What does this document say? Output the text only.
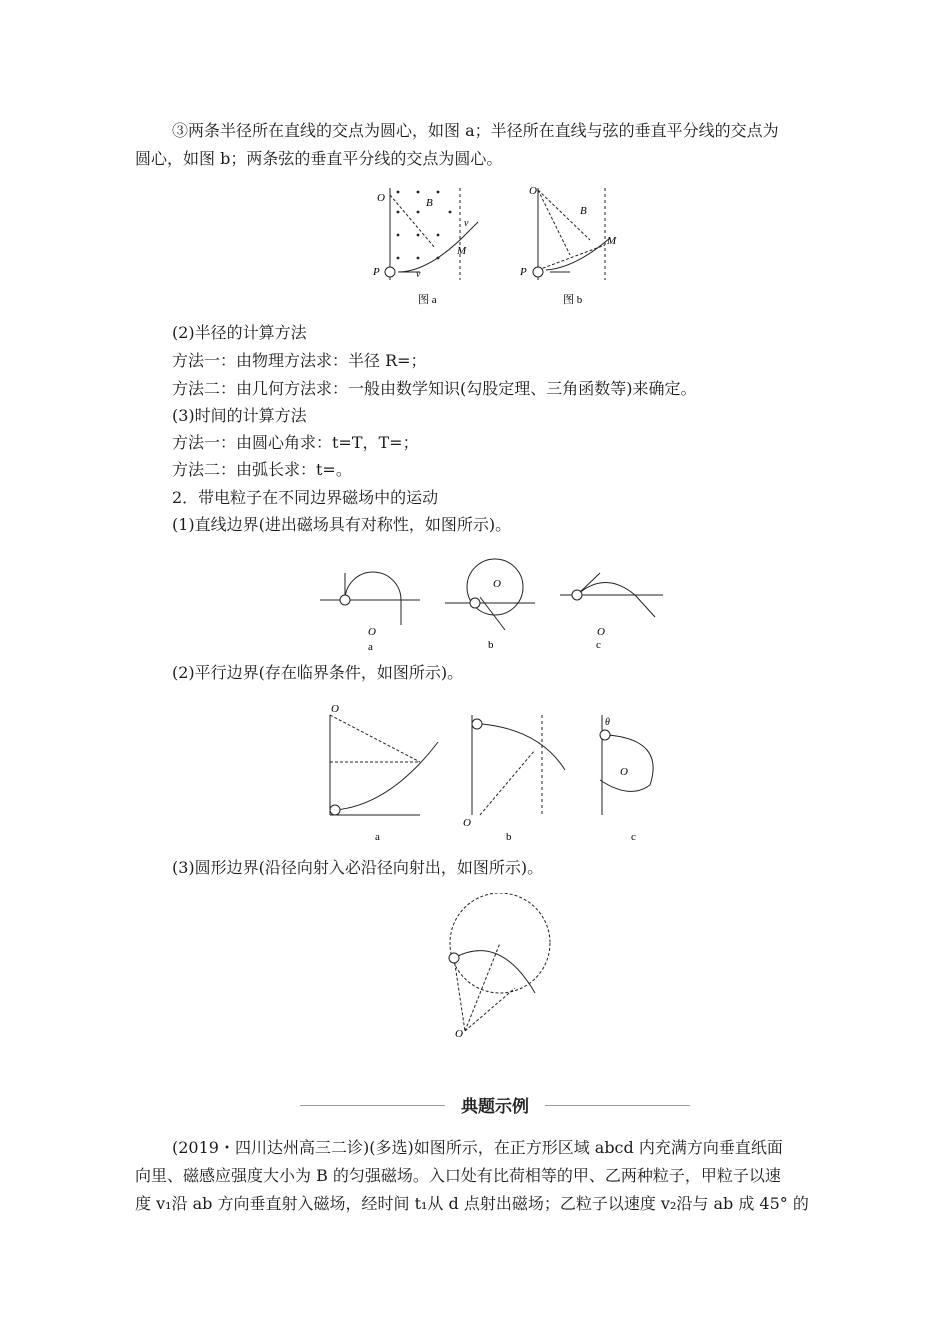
③两条半径所在直线的交点为圆心，如图 a；半径所在直线与弦的垂直平分线的交点为
圆心，如图 b；两条弦的垂直平分线的交点为圆心。
O	B
P
M
v
v
图 a
O
B
P
M
图 b
(2)半径的计算方法
方法一：由物理方法求：半径 R=；
方法二：由几何方法求：一般由数学知识(勾股定理、三角函数等)来确定。
(3)时间的计算方法
方法一：由圆心角求：t=T，T=；
方法二：由弧长求：t=。
2．带电粒子在不同边界磁场中的运动
(1)直线边界(进出磁场具有对称性，如图所示)。
O
O
O
a	b	c
(2)平行边界(存在临界条件，如图所示)。
O
O
O
θ
a	b	c
(3)圆形边界(沿径向射入必沿径向射出，如图所示)。
O
典题示例
(2019・四川达州高三二诊)(多选)如图所示，在正方形区域 abcd 内充满方向垂直纸面
向里、磁感应强度大小为 B 的匀强磁场。入口处有比荷相等的甲、乙两种粒子，甲粒子以速
度 v₁沿 ab 方向垂直射入磁场，经时间 t₁从 d 点射出磁场；乙粒子以速度 v₂沿与 ab 成 45° 的
